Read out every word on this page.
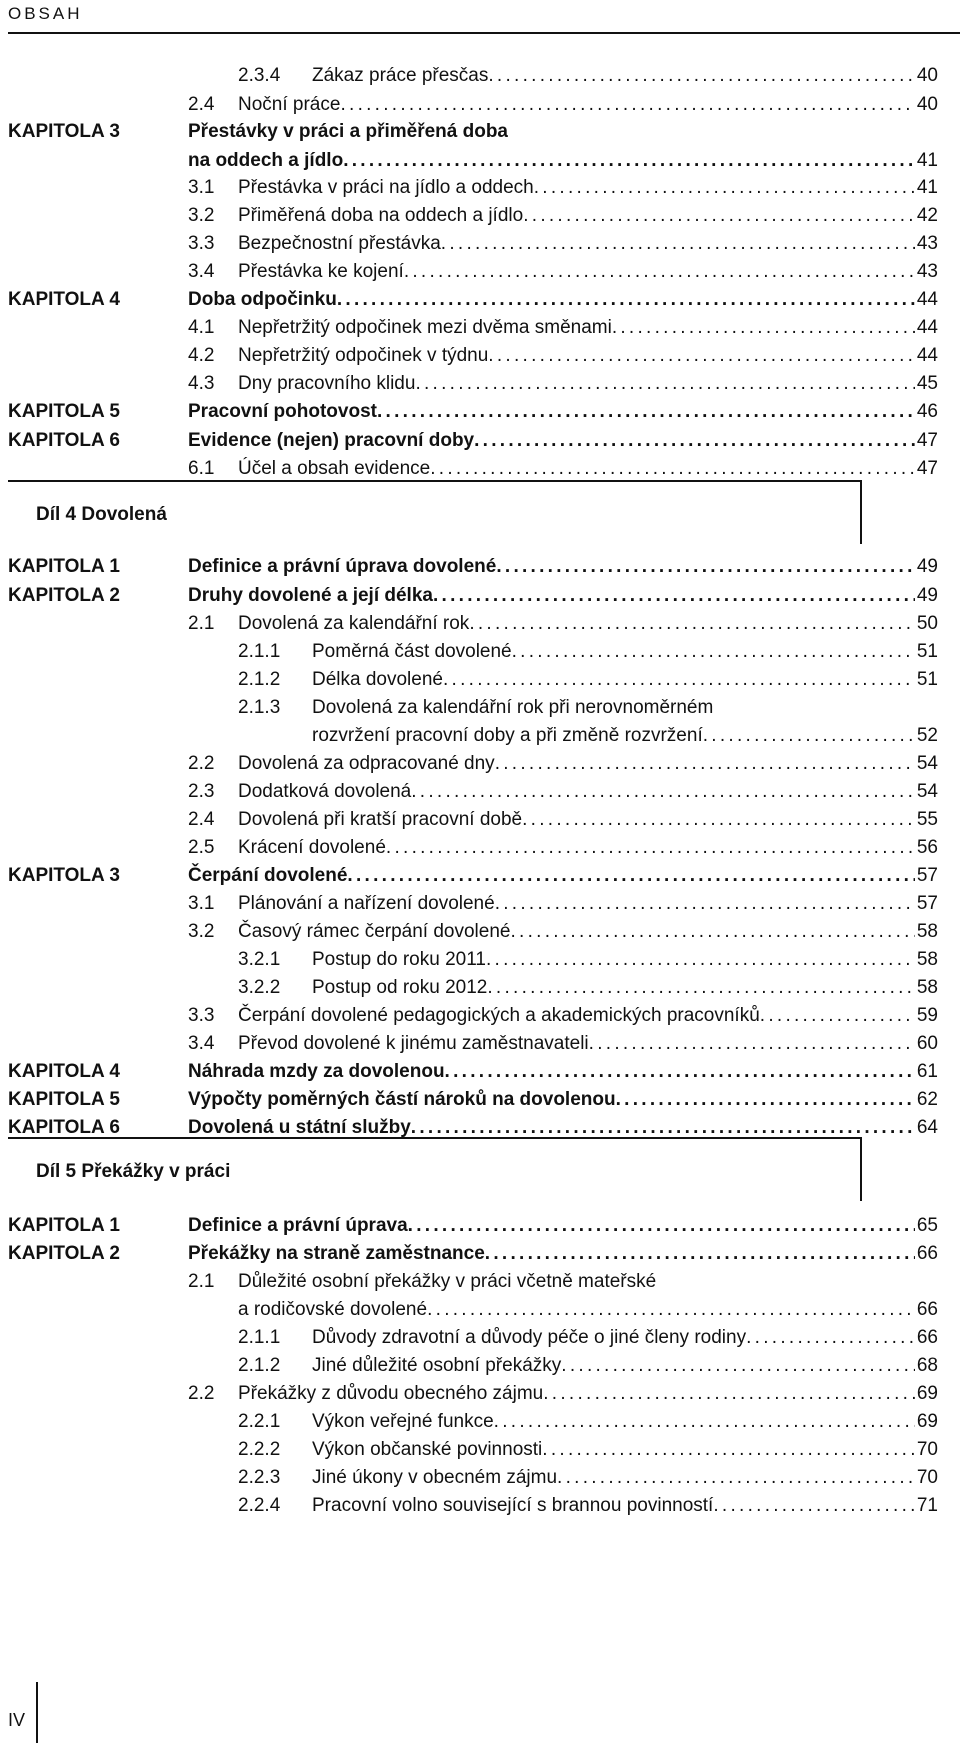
OBSAH
2.3.4 Zákaz práce přesčas . . .	40
2.4 Noční práce . . .	40
KAPITOLA 3	Přestávky v práci a přiměřená doba
na oddech a jídlo . . .	41
3.1 Přestávka v práci na jídlo a oddech . . .	41
3.2 Přiměřená doba na oddech a jídlo . . .	42
3.3 Bezpečnostní přestávka . . .	43
3.4 Přestávka ke kojení . . .	43
KAPITOLA 4	Doba odpočinku . . .	44
4.1 Nepřetržitý odpočinek mezi dvěma směnami . . .	44
4.2 Nepřetržitý odpočinek v týdnu . . .	44
4.3 Dny pracovního klidu . . .	45
KAPITOLA 5	Pracovní pohotovost . . .	46
KAPITOLA 6	Evidence (nejen) pracovní doby . . .	47
6.1 Účel a obsah evidence . . .	47
KAPITOLA 1	Definice a právní úprava dovolené . . .	49
KAPITOLA 2	Druhy dovolené a její délka . . .	49
2.1 Dovolená za kalendářní rok . . .	50
2.1.1 Poměrná část dovolené . . .	51
2.1.2 Délka dovolené . . .	51
2.1.3 Dovolená za kalendářní rok při nerovnoměrném
rozvržení pracovní doby a při změně rozvržení . . .	52
2.2 Dovolená za odpracované dny . . .	54
2.3 Dodatková dovolená . . .	54
2.4 Dovolená při kratší pracovní době . . .	55
2.5 Krácení dovolené . . .	56
KAPITOLA 3	Čerpání dovolené . . .	57
3.1 Plánování a nařízení dovolené . . .	57
3.2 Časový rámec čerpání dovolené . . .	58
3.2.1 Postup do roku 2011 . . .	58
3.2.2 Postup od roku 2012 . . .	58
3.3 Čerpání dovolené pedagogických a akademických pracovníků . . .	59
3.4 Převod dovolené k jinému zaměstnavateli . . .	60
KAPITOLA 4	Náhrada mzdy za dovolenou . . .	61
KAPITOLA 5	Výpočty poměrných částí nároků na dovolenou . . .	62
KAPITOLA 6	Dovolená u státní služby . . .	64
KAPITOLA 1	Definice a právní úprava . . .	65
KAPITOLA 2	Překážky na straně zaměstnance . . .	66
2.1 Důležité osobní překážky v práci včetně mateřské
a rodičovské dovolené . . .	66
2.1.1 Důvody zdravotní a důvody péče o jiné členy rodiny . . .	66
2.1.2 Jiné důležité osobní překážky . . .	68
2.2 Překážky z důvodu obecného zájmu . . .	69
2.2.1 Výkon veřejné funkce . . .	69
2.2.2 Výkon občanské povinnosti . . .	70
2.2.3 Jiné úkony v obecném zájmu . . .	70
2.2.4 Pracovní volno související s brannou povinností . . .	71
Díl 4 Dovolená
Díl 5 Překážky v práci
IV
